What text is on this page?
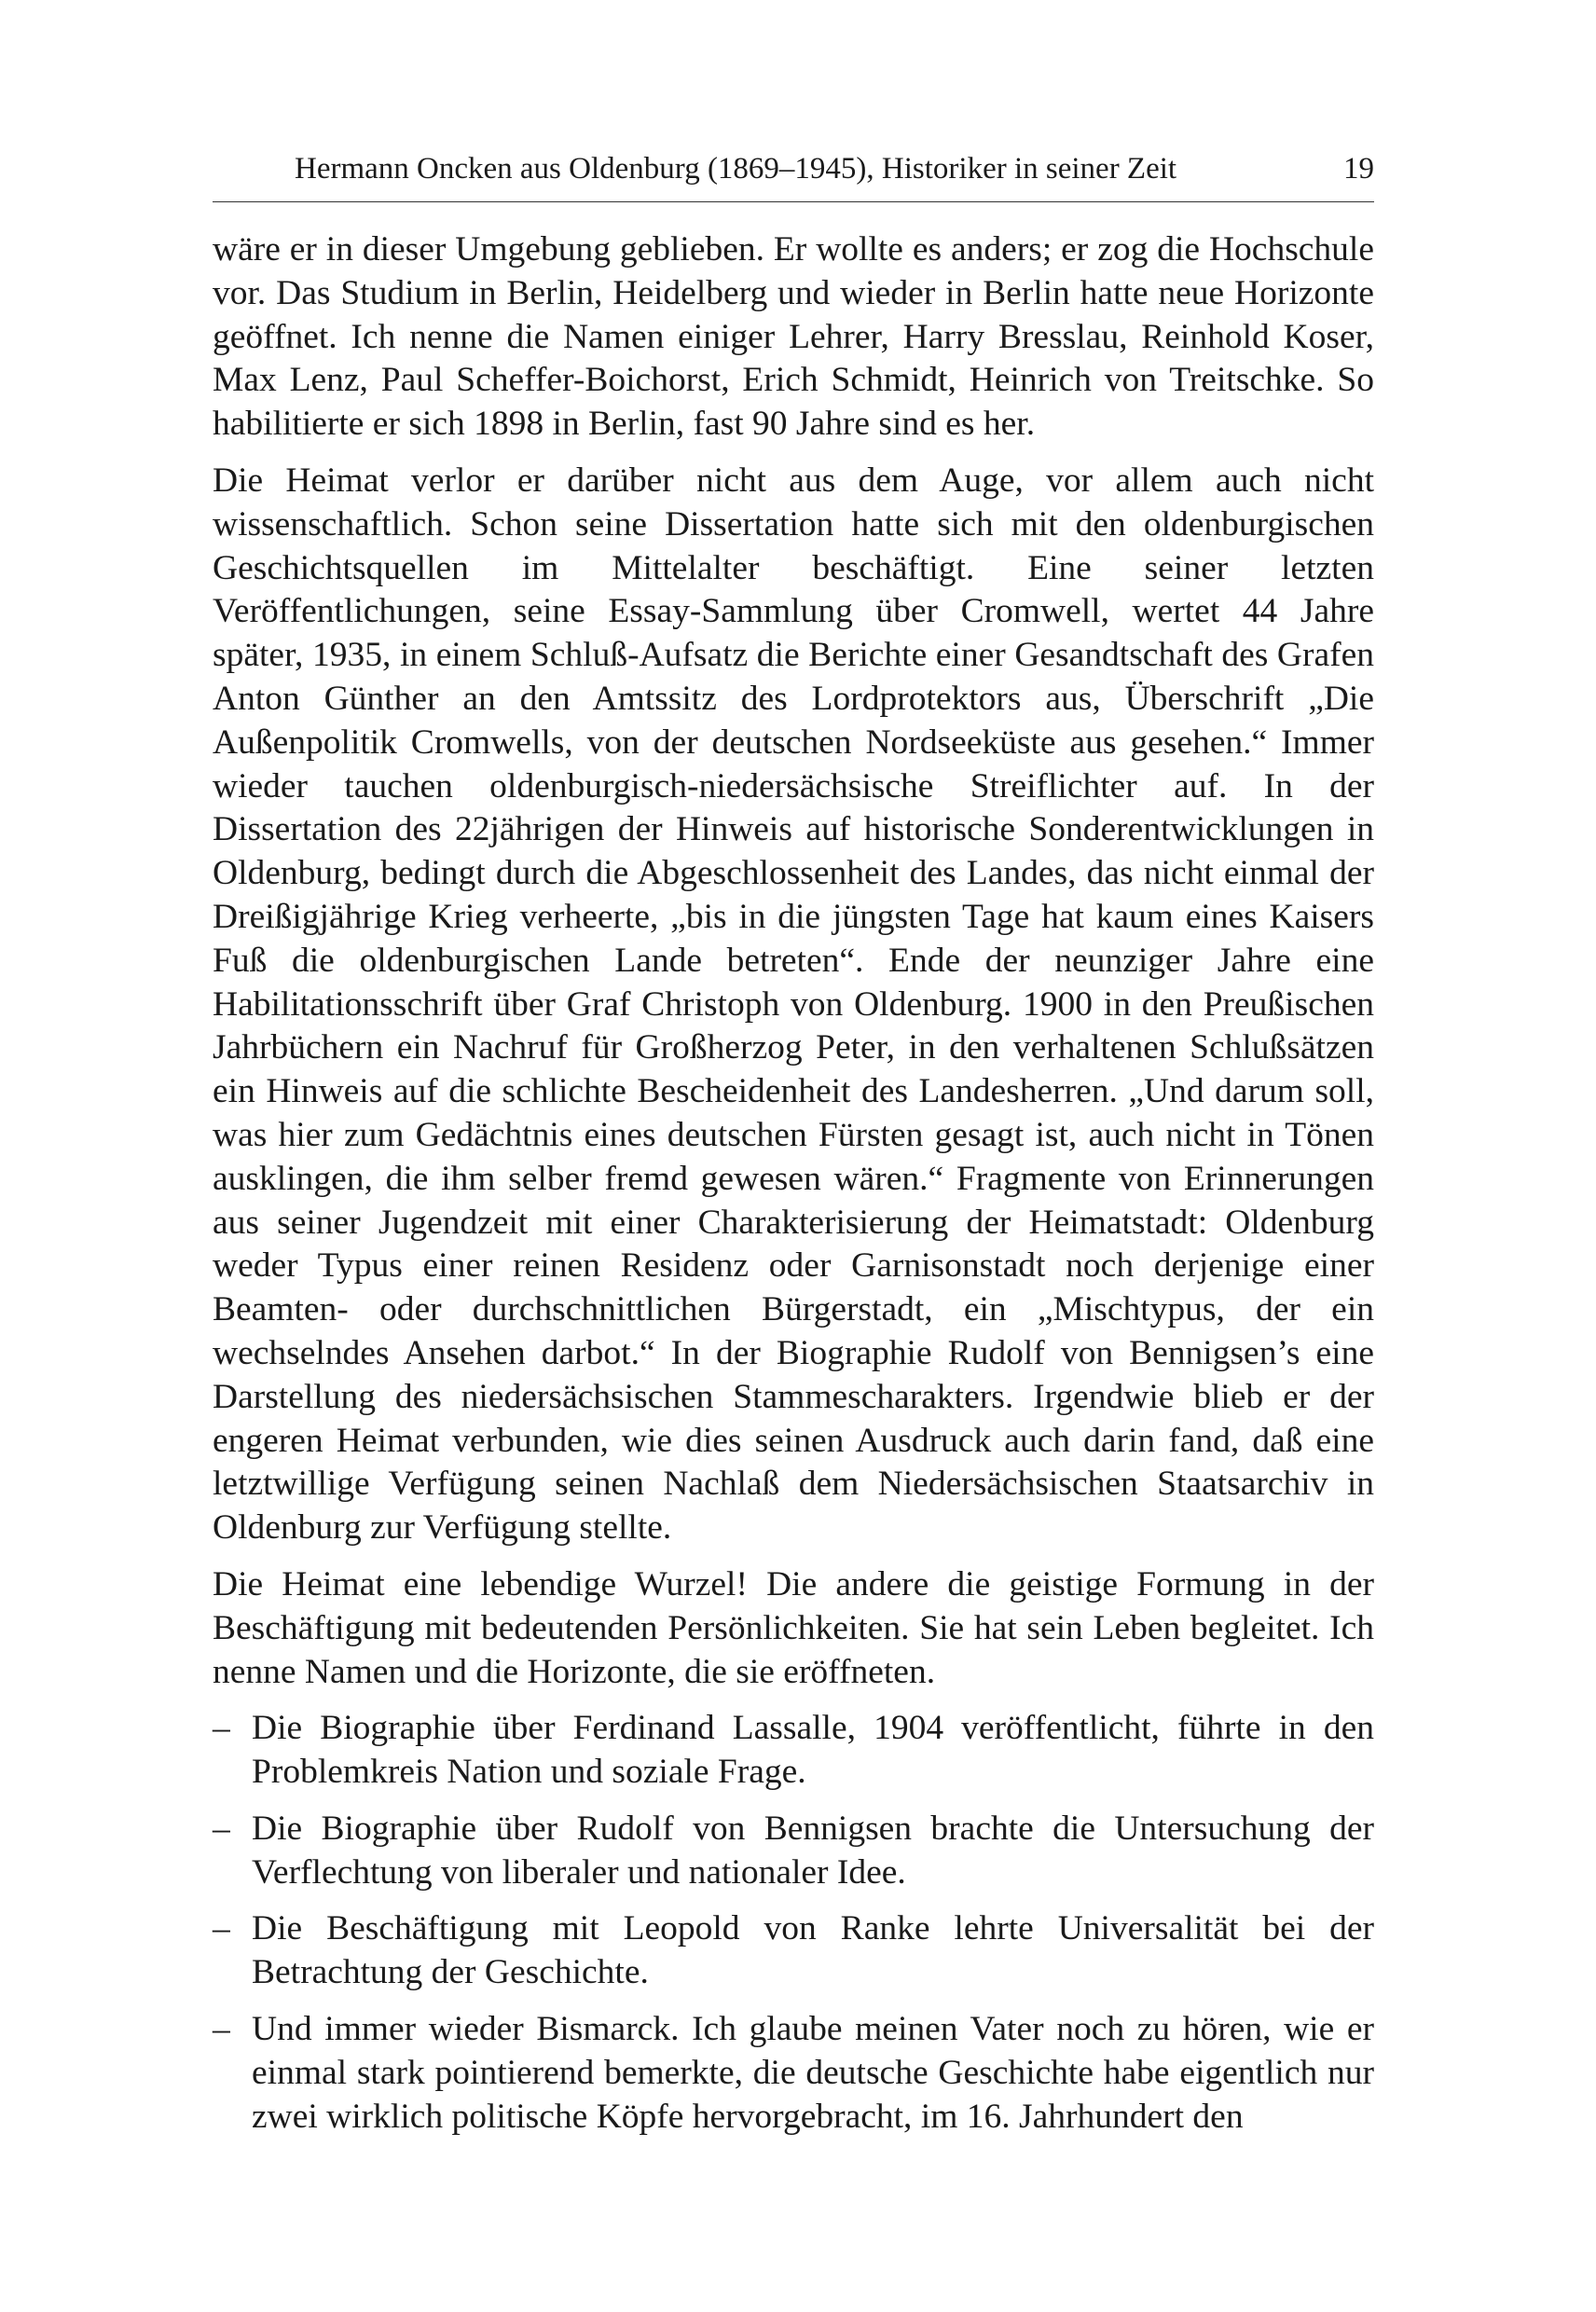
Hermann Oncken aus Oldenburg (1869–1945), Historiker in seiner Zeit	19

wäre er in dieser Umgebung geblieben. Er wollte es anders; er zog die Hochschule vor. Das Studium in Berlin, Heidelberg und wieder in Berlin hatte neue Horizonte geöffnet. Ich nenne die Namen einiger Lehrer, Harry Bresslau, Reinhold Koser, Max Lenz, Paul Scheffer-Boichorst, Erich Schmidt, Heinrich von Treitschke. So habilitierte er sich 1898 in Berlin, fast 90 Jahre sind es her.

Die Heimat verlor er darüber nicht aus dem Auge, vor allem auch nicht wissenschaftlich. Schon seine Dissertation hatte sich mit den oldenburgischen Geschichtsquellen im Mittelalter beschäftigt. Eine seiner letzten Veröffentlichungen, seine Essay-Sammlung über Cromwell, wertet 44 Jahre später, 1935, in einem Schluß-Aufsatz die Berichte einer Gesandtschaft des Grafen Anton Günther an den Amtssitz des Lordprotektors aus, Überschrift „Die Außenpolitik Cromwells, von der deutschen Nordseeküste aus gesehen.“ Immer wieder tauchen oldenburgisch-niedersächsische Streiflichter auf. In der Dissertation des 22jährigen der Hinweis auf historische Sonderentwicklungen in Oldenburg, bedingt durch die Abgeschlossenheit des Landes, das nicht einmal der Dreißigjährige Krieg verheerte, „bis in die jüngsten Tage hat kaum eines Kaisers Fuß die oldenburgischen Lande betreten“. Ende der neunziger Jahre eine Habilitationsschrift über Graf Christoph von Oldenburg. 1900 in den Preußischen Jahrbüchern ein Nachruf für Großherzog Peter, in den verhaltenen Schlußsätzen ein Hinweis auf die schlichte Bescheidenheit des Landesherren. „Und darum soll, was hier zum Gedächtnis eines deutschen Fürsten gesagt ist, auch nicht in Tönen ausklingen, die ihm selber fremd gewesen wären.“ Fragmente von Erinnerungen aus seiner Jugendzeit mit einer Charakterisierung der Heimatstadt: Oldenburg weder Typus einer reinen Residenz oder Garnisonstadt noch derjenige einer Beamten- oder durchschnittlichen Bürgerstadt, ein „Mischtypus, der ein wechselndes Ansehen darbot.“ In der Biographie Rudolf von Bennigsen’s eine Darstellung des niedersächsischen Stammescharakters. Irgendwie blieb er der engeren Heimat verbunden, wie dies seinen Ausdruck auch darin fand, daß eine letztwillige Verfügung seinen Nachlaß dem Niedersächsischen Staatsarchiv in Oldenburg zur Verfügung stellte.

Die Heimat eine lebendige Wurzel! Die andere die geistige Formung in der Beschäftigung mit bedeutenden Persönlichkeiten. Sie hat sein Leben begleitet. Ich nenne Namen und die Horizonte, die sie eröffneten.

– Die Biographie über Ferdinand Lassalle, 1904 veröffentlicht, führte in den Problemkreis Nation und soziale Frage.
– Die Biographie über Rudolf von Bennigsen brachte die Untersuchung der Verflechtung von liberaler und nationaler Idee.
– Die Beschäftigung mit Leopold von Ranke lehrte Universalität bei der Betrachtung der Geschichte.
– Und immer wieder Bismarck. Ich glaube meinen Vater noch zu hören, wie er einmal stark pointierend bemerkte, die deutsche Geschichte habe eigentlich nur zwei wirklich politische Köpfe hervorgebracht, im 16. Jahrhundert den
